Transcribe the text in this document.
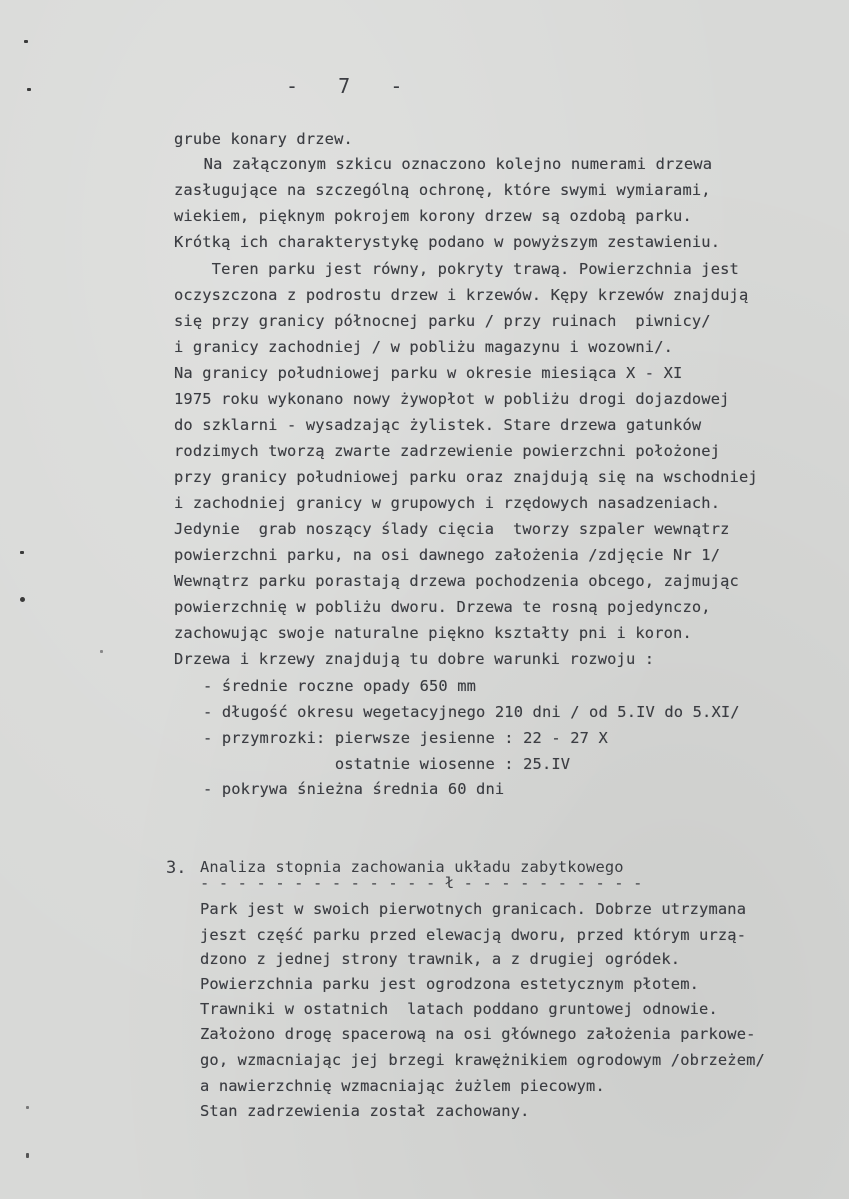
-   7   -
grube konary drzew.
Na załączonym szkicu oznaczono kolejno numerami drzewa
zasługujące na szczególną ochronę, które swymi wymiarami,
wiekiem, pięknym pokrojem korony drzew są ozdobą parku.
Krótką ich charakterystykę podano w powyższym zestawieniu.
Teren parku jest równy, pokryty trawą. Powierzchnia jest
oczyszczona z podrostu drzew i krzewów. Kępy krzewów znajdują
się przy granicy północnej parku / przy ruinach  piwnicy/
i granicy zachodniej / w pobliżu magazynu i wozowni/.
Na granicy południowej parku w okresie miesiąca X - XI
1975 roku wykonano nowy żywopłot w pobliżu drogi dojazdowej
do szklarni - wysadzając żylistek. Stare drzewa gatunków
rodzimych tworzą zwarte zadrzewienie powierzchni położonej
przy granicy południowej parku oraz znajdują się na wschodniej
i zachodniej granicy w grupowych i rzędowych nasadzeniach.
Jedynie  grab noszący ślady cięcia  tworzy szpaler wewnątrz
powierzchni parku, na osi dawnego założenia /zdjęcie Nr 1/
Wewnątrz parku porastają drzewa pochodzenia obcego, zajmując
powierzchnię w pobliżu dworu. Drzewa te rosną pojedynczo,
zachowując swoje naturalne piękno kształty pni i koron.
Drzewa i krzewy znajdują tu dobre warunki rozwoju :
- średnie roczne opady 650 mm
- długość okresu wegetacyjnego 210 dni / od 5.IV do 5.XI/
- przymrozki: pierwsze jesienne : 22 - 27 X
ostatnie wiosenne : 25.IV
- pokrywa śnieżna średnia 60 dni
3. Analiza stopnia zachowania układu zabytkowego
- - - - - - - - - - - - - ł - - - - - - - - - -
Park jest w swoich pierwotnych granicach. Dobrze utrzymana
jeszt część parku przed elewacją dworu, przed którym urzą-
dzono z jednej strony trawnik, a z drugiej ogródek.
Powierzchnia parku jest ogrodzona estetycznym płotem.
Trawniki w ostatnich  latach poddano gruntowej odnowie.
Założono drogę spacerową na osi głównego założenia parkowe-
go, wzmacniając jej brzegi krawężnikiem ogrodowym /obrzeżem/
a nawierzchnię wzmacniając żużlem piecowym.
Stan zadrzewienia został zachowany.
